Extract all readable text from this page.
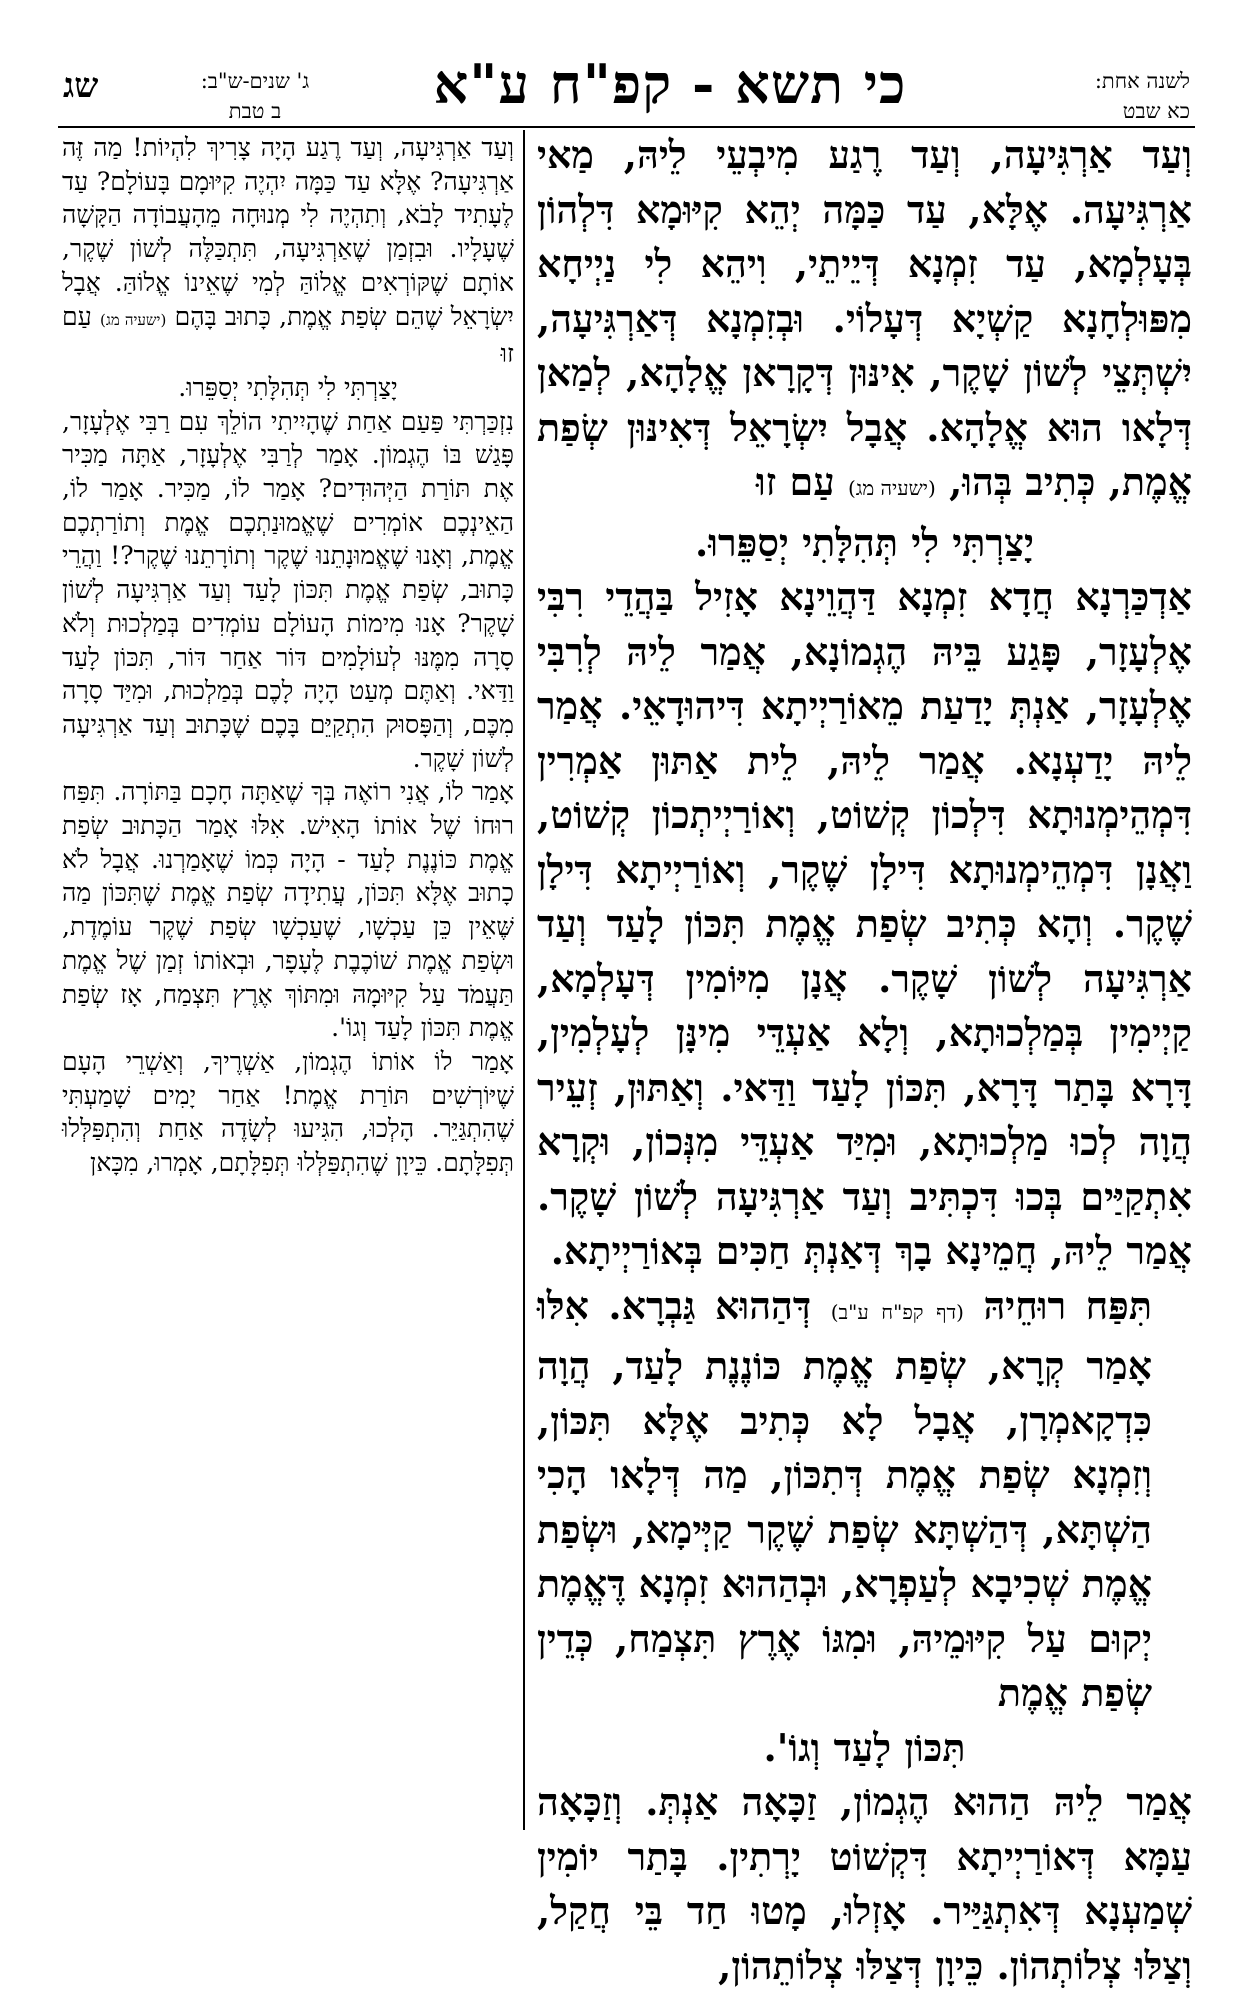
שג	ג' שנים-ש"ב:
ב טבת	כי תשא - קפ"ח ע"א	לשנה אחת:
כא שבט

וְעַד אַרְגִּיעָה, וְעַד רֶגַע מִיבְעֵי לֵיהּ, מַאי אַרְגִּיעָה. אֶלָּא, עַד כַּמָּה יְהֵא קִיּוּמָא דִּלְהוֹן בְּעָלְמָא, עַד זִמְנָא דְּיֵיתֵי, וִיהֵא לִי נַיְיחָא מִפּוּלְחָנָא קַשְׁיָא דְּעָלוֹי. וּבְזִמְנָא דְּאַרְגִּיעָה, יִשְׁתְּצֵי לְשׁוֹן שָׁקֶר, אִינּוּן דְּקָרָאן אֱלָהָא, לְמַאן דְּלָאו הוּא אֱלָהָא. אֲבָל יִשְׂרָאֵל דְּאִינּוּן שְׂפַת אֱמֶת, כְּתִיב בְּהוּ, (ישעיה מג) עַם זוּ

יָצַרְתִּי לִי תְּהִלָּתִי יְסַפֵּרוּ.

אַדְכַּרְנָא חֲדָא זִמְנָא דַּהֲוֵינָא אָזִיל בַּהֲדֵי רִבִּי אֶלְעָזָר, פָּגַע בֵּיהּ הֶגְמוֹנָא, אֲמַר לֵיהּ לְרִבִּי אֶלְעָזָר, אַנְתְּ יָדַעַת מֵאוֹרַיְיתָא דִּיהוּדָאֵי. אֲמַר לֵיהּ יָדַעְנָא. אֲמַר לֵיהּ, לֵית אַתּוּן אַמְרִין דִּמְהֵימְנוּתָא דִּלְכוֹן קְשׁוֹט, וְאוֹרַיְיתְכוֹן קְשׁוֹט, וַאֲנָן דִּמְהֵימְנוּתָא דִּילָן שֶׁקֶר, וְאוֹרַיְיתָא דִּילָן שֶׁקֶר. וְהָא כְּתִיב שְׂפַת אֱמֶת תִּכּוֹן לָעַד וְעַד אַרְגִּיעָה לְשׁוֹן שָׁקֶר. אֲנָן מִיּוֹמִין דְּעָלְמָא, קַיְימִין בְּמַלְכוּתָא, וְלָא אַעְדֵּי מִינָּן לְעָלְמִין, דָּרָא בָּתַר דָּרָא, תִּכּוֹן לָעַד וַדַּאי. וְאַתּוּן, זְעֵיר הֲוָה לְכוּ מַלְכוּתָא, וּמִיַּד אַעְדֵּי מִנְּכוֹן, וּקְרָא אִתְקַיַּים בְּכוּ דִּכְתִּיב וְעַד אַרְגִּיעָה לְשׁוֹן שָׁקֶר. אֲמַר לֵיהּ, חֲמֵינָא בָךְ דְּאַנְתְּ חַכִּים בְּאוֹרַיְיתָא.

תִּפַּח רוּחֵיהּ (דף קפ"ח ע"ב) דְּהַהוּא גַּבְרָא. אִלּוּ אָמַר קְרָא, שְׂפַת אֱמֶת כּוֹנֶנֶת לָעַד, הֲוָה כִּדְקָאמְרָן, אֲבָל לָא כְּתִיב אֶלָּא תִּכּוֹן, וְזִמְנָא שְׂפַת אֱמֶת דְּתִכּוֹן, מַה דְּלָאו הָכִי הַשְׁתָּא, דְּהַשְׁתָּא שְׂפַת שֶׁקֶר קַיְּימָא, וּשְׂפַת אֱמֶת שְׁכִיבָא לְעַפְרָא, וּבְהַהוּא זִמְנָא דֶּאֱמֶת יְקוּם עַל קִיּוּמֵיהּ, וּמִגּוֹ אֶרֶץ תִּצְמַח, כְּדֵין שְׂפַת אֱמֶת

תִּכּוֹן לָעַד וְגוֹ'.

אֲמַר לֵיהּ הַהוּא הֶגְמוֹן, זַכָּאָה אַנְתְּ. וְזַכָּאָה עַמָּא דְּאוֹרַיְיתָא דִּקְשׁוֹט יָרְתִין. בָּתַר יוֹמִין שְׁמַעְנָא דְּאִתְגַּיַּיר. אָזְלוּ, מָטוּ חַד בֵּי חֲקַל, וְצַלּוּ צְלוֹתְהוֹן. כֵּיוָן דְּצַלּוּ צְלוֹתֵהוֹן,

וְעַד אַרְגִּיעָה, וְעַד רֶגַע הָיָה צָרִיךְ לִהְיוֹת! מַה זֶּה אַרְגִּיעָה? אֶלָּא עַד כַּמָּה יִהְיֶה קִיּוּמָם בָּעוֹלָם? עַד לֶעָתִיד לָבֹא, וְתִהְיֶה לִי מְנוּחָה מֵהָעֲבוֹדָה הַקָּשָׁה שֶׁעָלָיו. וּבִזְמַן שֶׁאַרְגִּיעָה, תִּתְכַּלֶּה לְשׁוֹן שֶׁקֶר, אוֹתָם שֶׁקּוֹרְאִים אֱלוֹהַּ לְמִי שֶׁאֵינוֹ אֱלוֹהַּ. אֲבָל יִשְׂרָאֵל שֶׁהֵם שְׂפַת אֱמֶת, כָּתוּב בָּהֶם (ישעיה מג) עַם זוּ

יָצַרְתִּי לִי תְּהִלָּתִי יְסַפֵּרוּ.

נִזְכַּרְתִּי פַּעַם אַחַת שֶׁהָיִיתִי הוֹלֵךְ עִם רַבִּי אֶלְעָזָר, פָּגַשׁ בּוֹ הֶגְמוֹן. אָמַר לְרַבִּי אֶלְעָזָר, אַתָּה מַכִּיר אֶת תּוֹרַת הַיְּהוּדִים? אָמַר לוֹ, מַכִּיר. אָמַר לוֹ, הַאֵינְכֶם אוֹמְרִים שֶׁאֱמוּנַתְכֶם אֱמֶת וְתוֹרַתְכֶם אֱמֶת, וְאָנוּ שֶׁאֱמוּנָתֵנוּ שֶׁקֶר וְתוֹרָתֵנוּ שֶׁקֶר?! וַהֲרֵי כָּתוּב, שְׂפַת אֱמֶת תִּכּוֹן לָעַד וְעַד אַרְגִּיעָה לְשׁוֹן שָׁקֶר? אָנוּ מִימוֹת הָעוֹלָם עוֹמְדִים בְּמַלְכוּת וְלֹא סָרָה מִמֶּנּוּ לְעוֹלָמִים דּוֹר אַחַר דּוֹר, תִּכּוֹן לָעַד וַדַּאי. וְאַתֶּם מְעַט הָיָה לָכֶם בְּמַלְכוּת, וּמִיַּד סָרָה מִכֶּם, וְהַפָּסוּק הִתְקַיֵּם בָּכֶם שֶׁכָּתוּב וְעַד אַרְגִּיעָה לְשׁוֹן שָׁקֶר.

אָמַר לוֹ, אֲנִי רוֹאֶה בְּךָ שֶׁאַתָּה חָכָם בַּתּוֹרָה. תִּפַּח רוּחוֹ שֶׁל אוֹתוֹ הָאִישׁ. אִלּוּ אָמַר הַכָּתוּב שְׂפַת אֱמֶת כּוֹנֶנֶת לָעַד - הָיָה כְּמוֹ שֶׁאָמַרְנוּ. אֲבָל לֹא כָתוּב אֶלָּא תִּכּוֹן, עֲתִידָה שְׂפַת אֱמֶת שֶׁתִּכּוֹן מַה שֶּׁאֵין כֵּן עַכְשָׁו, שֶׁעַכְשָׁו שְׂפַת שֶׁקֶר עוֹמֶדֶת, וּשְׂפַת אֱמֶת שׁוֹכֶבֶת לֶעָפָר, וּבְאוֹתוֹ זְמַן שֶׁל אֱמֶת תַּעֲמֹד עַל קִיּוּמָהּ וּמִתּוֹךְ אֶרֶץ תִּצְמַח, אָז שְׂפַת אֱמֶת תִּכּוֹן לָעַד וְגוֹ'.

אָמַר לוֹ אוֹתוֹ הֶגְמוֹן, אַשְׁרֶיךָ, וְאַשְׁרֵי הָעָם שֶׁיּוֹרְשִׁים תּוֹרַת אֱמֶת! אַחַר יָמִים שָׁמַעְתִּי שֶׁהִתְגַּיֵּר. הָלְכוּ, הִגִּיעוּ לְשָׂדֶה אַחַת וְהִתְפַּלְּלוּ תְּפִלָּתָם. כֵּיוָן שֶׁהִתְפַּלְּלוּ תְּפִלָּתָם, אָמְרוּ, מִכָּאן
